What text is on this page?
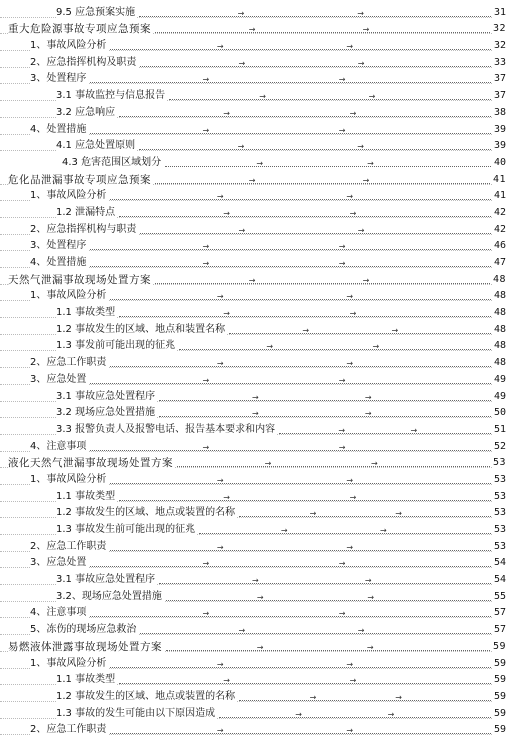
9.5 应急预案实施	→	→	31
重大危险源事故专项应急预案	→	→	32
1、事故风险分析	→	→	32
2、应急指挥机构及职责	→	→	33
3、处置程序	→	→	37
3.1 事故监控与信息报告	→	→	37
3.2 应急响应	→	→	38
4、处置措施	→	→	39
4.1 应急处置原则	→	→	39
4.3 危害范围区域划分	→	→	40
危化品泄漏事故专项应急预案	→	→	41
1、事故风险分析	→	→	41
1.2 泄漏特点	→	→	42
2、应急指挥机构与职责	→	→	42
3、处置程序	→	→	46
4、处置措施	→	→	47
天然气泄漏事故现场处置方案	→	→	48
1、事故风险分析	→	→	48
1.1 事故类型	→	→	48
1.2 事故发生的区域、地点和装置名称	→	→	48
1.3 事发前可能出现的征兆	→	→	48
2、应急工作职责	→	→	48
3、应急处置	→	→	49
3.1 事故应急处置程序	→	→	49
3.2 现场应急处置措施	→	→	50
3.3 报警负责人及报警电话、报告基本要求和内容	→	→	51
4、注意事项	→	→	52
液化天然气泄漏事故现场处置方案	→	→	53
1、事故风险分析	→	→	53
1.1 事故类型	→	→	53
1.2 事故发生的区域、地点或装置的名称	→	→	53
1.3 事故发生前可能出现的征兆	→	→	53
2、应急工作职责	→	→	53
3、应急处置	→	→	54
3.1 事故应急处置程序	→	→	54
3.2、现场应急处置措施	→	→	55
4、注意事项	→	→	57
5、冻伤的现场应急救治	→	→	57
易燃液体泄露事故现场处置方案	→	→	59
1、事故风险分析	→	→	59
1.1 事故类型	→	→	59
1.2 事故发生的区域、地点或装置的名称	→	→	59
1.3 事故的发生可能由以下原因造成	→	→	59
2、应急工作职责	→	→	59
